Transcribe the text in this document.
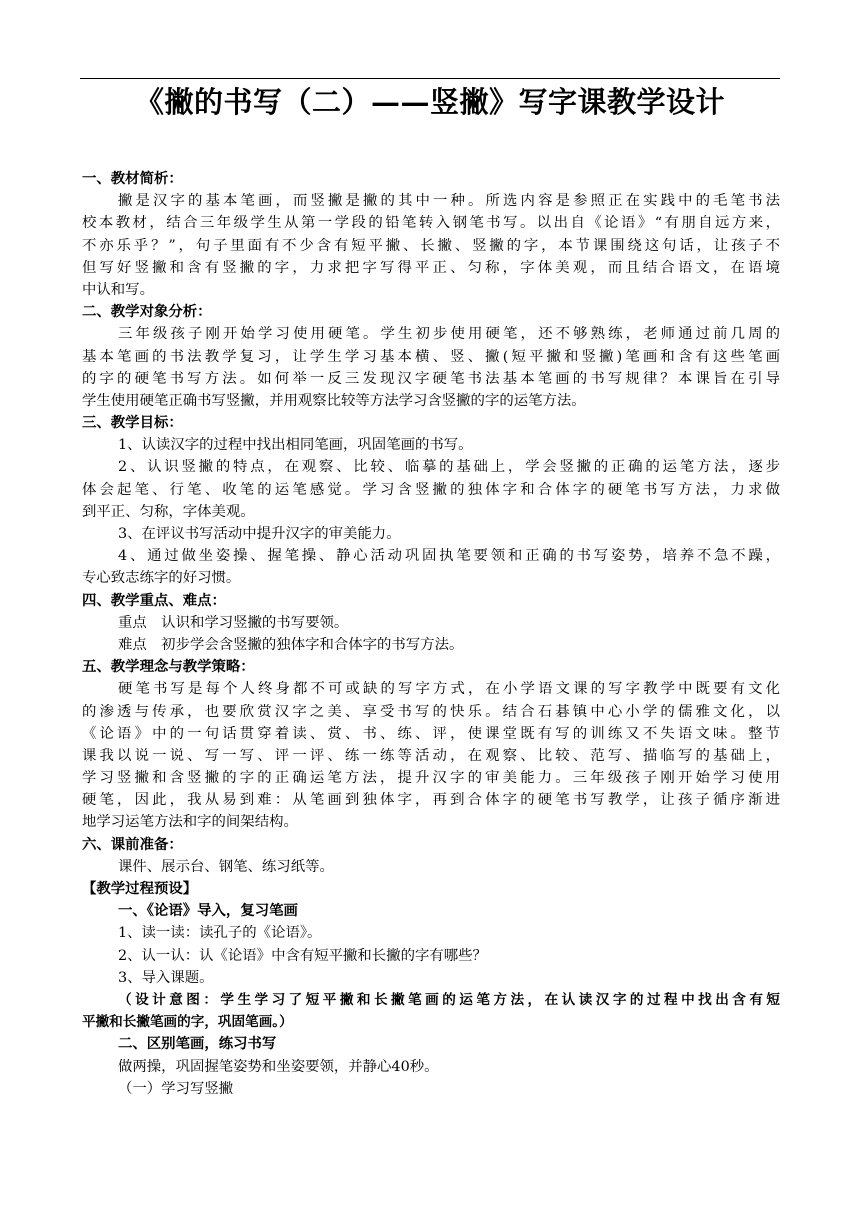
《撇的书写（二）——竖撇》写字课教学设计
一、教材简析：
撇是汉字的基本笔画，而竖撇是撇的其中一种。所选内容是参照正在实践中的毛笔书法
校本教材，结合三年级学生从第一学段的铅笔转入钢笔书写。以出自《论语》“有朋自远方来，
不亦乐乎？”，句子里面有不少含有短平撇、长撇、竖撇的字，本节课围绕这句话，让孩子不
但写好竖撇和含有竖撇的字，力求把字写得平正、匀称，字体美观，而且结合语文，在语境
中认和写。
二、教学对象分析：
三年级孩子刚开始学习使用硬笔。学生初步使用硬笔，还不够熟练，老师通过前几周的
基本笔画的书法教学复习，让学生学习基本横、竖、撇(短平撇和竖撇)笔画和含有这些笔画
的字的硬笔书写方法。如何举一反三发现汉字硬笔书法基本笔画的书写规律？本课旨在引导
学生使用硬笔正确书写竖撇，并用观察比较等方法学习含竖撇的字的运笔方法。
三、教学目标：
1、认读汉字的过程中找出相同笔画，巩固笔画的书写。
2、认识竖撇的特点，在观察、比较、临摹的基础上，学会竖撇的正确的运笔方法，逐步
体会起笔、行笔、收笔的运笔感觉。学习含竖撇的独体字和合体字的硬笔书写方法，力求做
到平正、匀称，字体美观。
3、在评议书写活动中提升汉字的审美能力。
4、通过做坐姿操、握笔操、静心活动巩固执笔要领和正确的书写姿势，培养不急不躁，
专心致志练字的好习惯。
四、教学重点、难点：
重点　认识和学习竖撇的书写要领。
难点　初步学会含竖撇的独体字和合体字的书写方法。
五、教学理念与教学策略：
硬笔书写是每个人终身都不可或缺的写字方式，在小学语文课的写字教学中既要有文化
的渗透与传承，也要欣赏汉字之美、享受书写的快乐。结合石碁镇中心小学的儒雅文化，以
《论语》中的一句话贯穿着读、赏、书、练、评，使课堂既有写的训练又不失语文味。整节
课我以说一说、写一写、评一评、练一练等活动，在观察、比较、范写、描临写的基础上，
学习竖撇和含竖撇的字的正确运笔方法，提升汉字的审美能力。三年级孩子刚开始学习使用
硬笔，因此，我从易到难：从笔画到独体字，再到合体字的硬笔书写教学，让孩子循序渐进
地学习运笔方法和字的间架结构。
六、课前准备：
课件、展示台、钢笔、练习纸等。
【教学过程预设】
一、《论语》导入，复习笔画
1、读一读：读孔子的《论语》。
2、认一认：认《论语》中含有短平撇和长撇的字有哪些？
3、导入课题。
（设计意图：学生学习了短平撇和长撇笔画的运笔方法，在认读汉字的过程中找出含有短
平撇和长撇笔画的字，巩固笔画。）
二、区别笔画，练习书写
做两操，巩固握笔姿势和坐姿要领，并静心40秒。
（一）学习写竖撇
